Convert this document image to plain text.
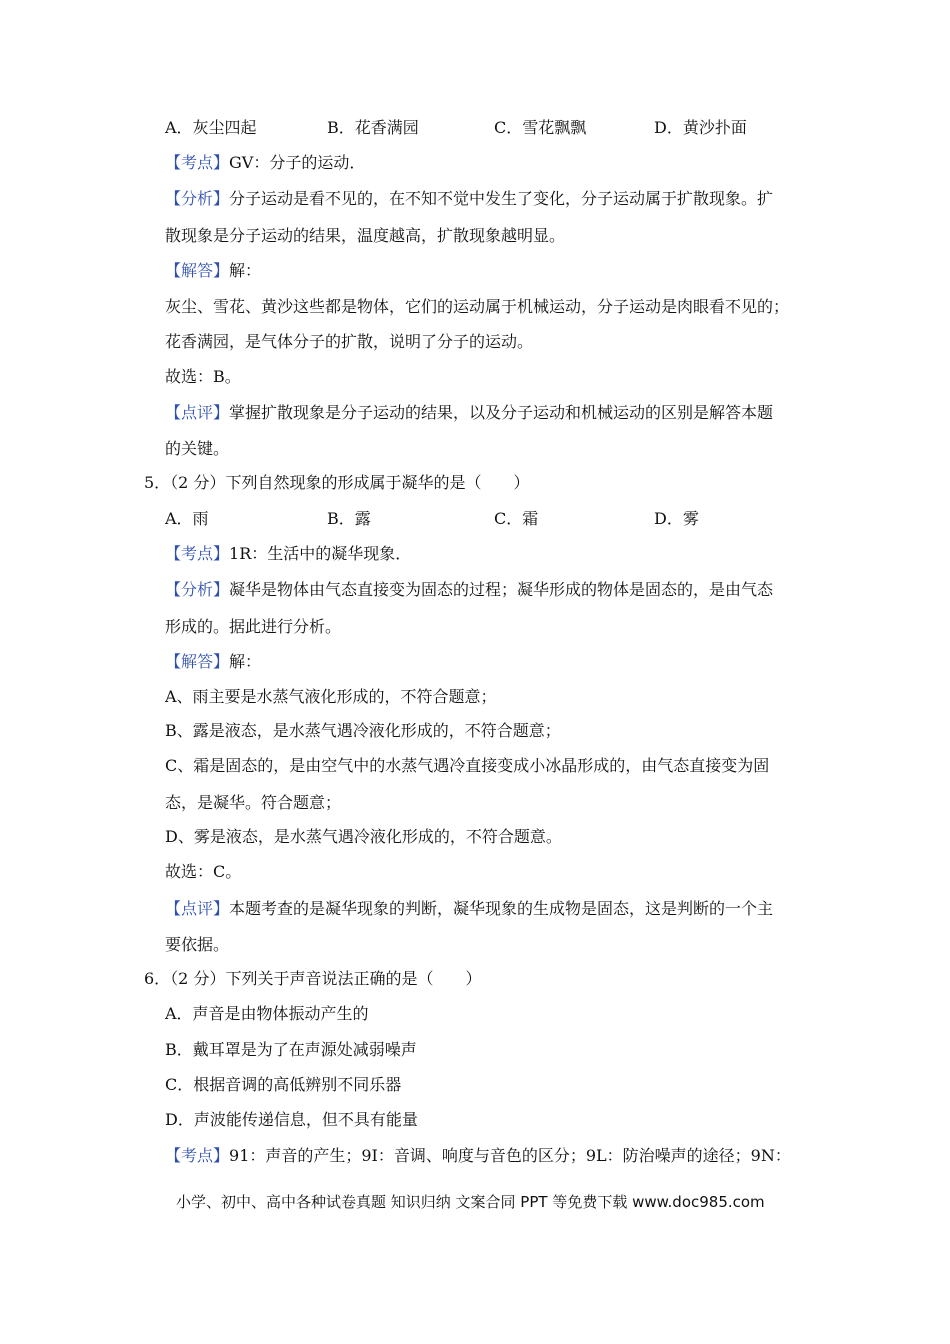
A．灰尘四起	B．花香满园	C．雪花飘飘	D．黄沙扑面
【考点】GV：分子的运动．
【分析】分子运动是看不见的，在不知不觉中发生了变化，分子运动属于扩散现象。扩
散现象是分子运动的结果，温度越高，扩散现象越明显。
【解答】解：
灰尘、雪花、黄沙这些都是物体，它们的运动属于机械运动，分子运动是肉眼看不见的；
花香满园，是气体分子的扩散，说明了分子的运动。
故选：B。
【点评】掌握扩散现象是分子运动的结果，以及分子运动和机械运动的区别是解答本题
的关键。
5．（2 分）下列自然现象的形成属于凝华的是（　　）
A．雨	B．露	C．霜	D．雾
【考点】1R：生活中的凝华现象．
【分析】凝华是物体由气态直接变为固态的过程；凝华形成的物体是固态的，是由气态
形成的。据此进行分析。
【解答】解：
A、雨主要是水蒸气液化形成的，不符合题意；
B、露是液态，是水蒸气遇冷液化形成的，不符合题意；
C、霜是固态的，是由空气中的水蒸气遇冷直接变成小冰晶形成的，由气态直接变为固
态，是凝华。符合题意；
D、雾是液态，是水蒸气遇冷液化形成的，不符合题意。
故选：C。
【点评】本题考查的是凝华现象的判断，凝华现象的生成物是固态，这是判断的一个主
要依据。
6．（2 分）下列关于声音说法正确的是（　　）
A．声音是由物体振动产生的
B．戴耳罩是为了在声源处减弱噪声
C．根据音调的高低辨别不同乐器
D．声波能传递信息，但不具有能量
【考点】91：声音的产生；9I：音调、响度与音色的区分；9L：防治噪声的途径；9N：
小学、初中、高中各种试卷真题 知识归纳 文案合同 PPT 等免费下载 www.doc985.com
